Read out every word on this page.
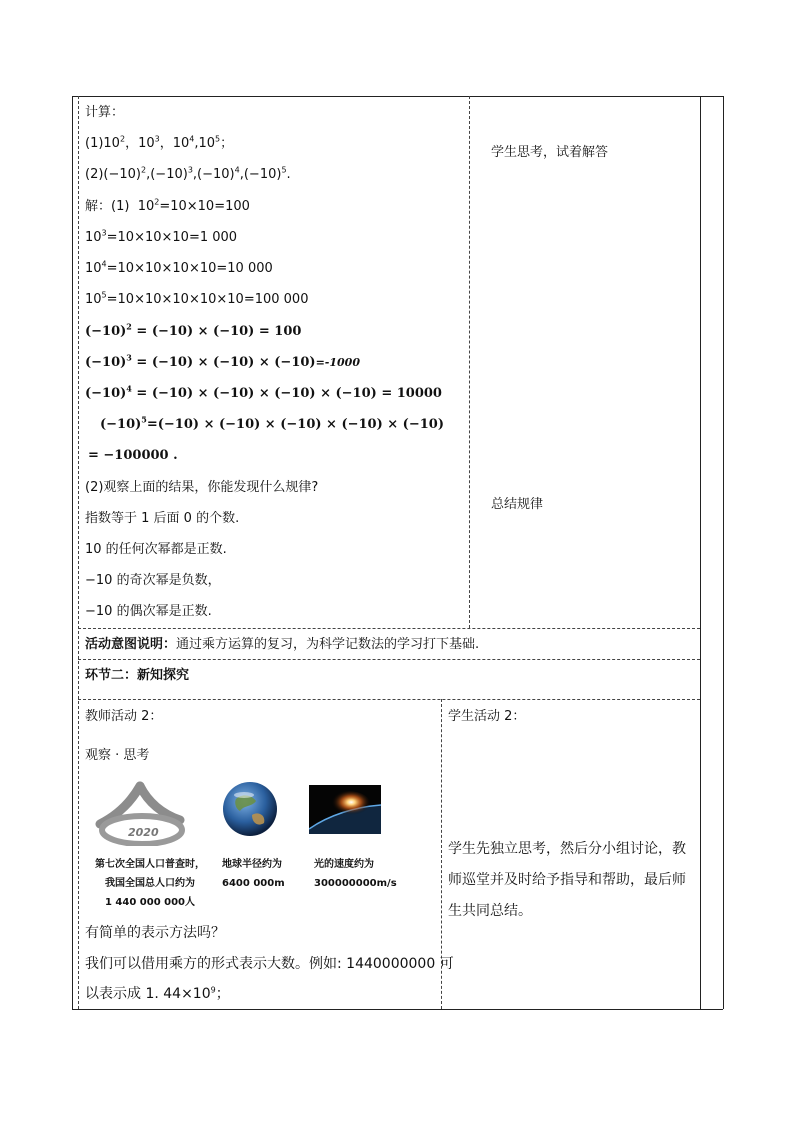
计算：
$(1)10^2$，$10^3$，$10^4,10^5$；
$(2)(-10)^2,(-10)^3,(-10)^4,(-10)^5$.
解：(1) $10^2=10\times 10=100$
$10^3=10\times 10\times 10=1$ 000
$10^4=10\times 10\times 10\times 10=10$ 000
$10^5=10\times 10\times 10\times 10\times 10=100$ 000
$(-10)^2 = (-10) \times (-10) = 100$
$(-10)^3 = (-10) \times (-10) \times (-10)=-1000$
$(-10)^4 = (-10) \times (-10) \times (-10) \times (-10) = 10000$
$(-10)^5=(-10) \times (-10) \times (-10) \times (-10) \times (-10)$
= −100000 .
(2)观察上面的结果，你能发现什么规律?
指数等于 1 后面 0 的个数.
10 的任何次幂都是正数.
−10 的奇次幂是负数，
−10 的偶次幂是正数.
学生思考，试着解答
总结规律
活动意图说明：通过乘方运算的复习，为科学记数法的学习打下基础.
环节二：新知探究
教师活动 2：
观察 · 思考
2020
第七次全国人口普查时，
我国全国总人口约为
1 440 000 000人
地球半径约为
6400 000m
光的速度约为
300000000m/s
有简单的表示方法吗？
我们可以借用乘方的形式表示大数。例如: 1440000000 可
以表示成 1. $44\times 10^9$；
学生活动 2：
学生先独立思考，然后分小组讨论，教
师巡堂并及时给予指导和帮助，最后师
生共同总结。
